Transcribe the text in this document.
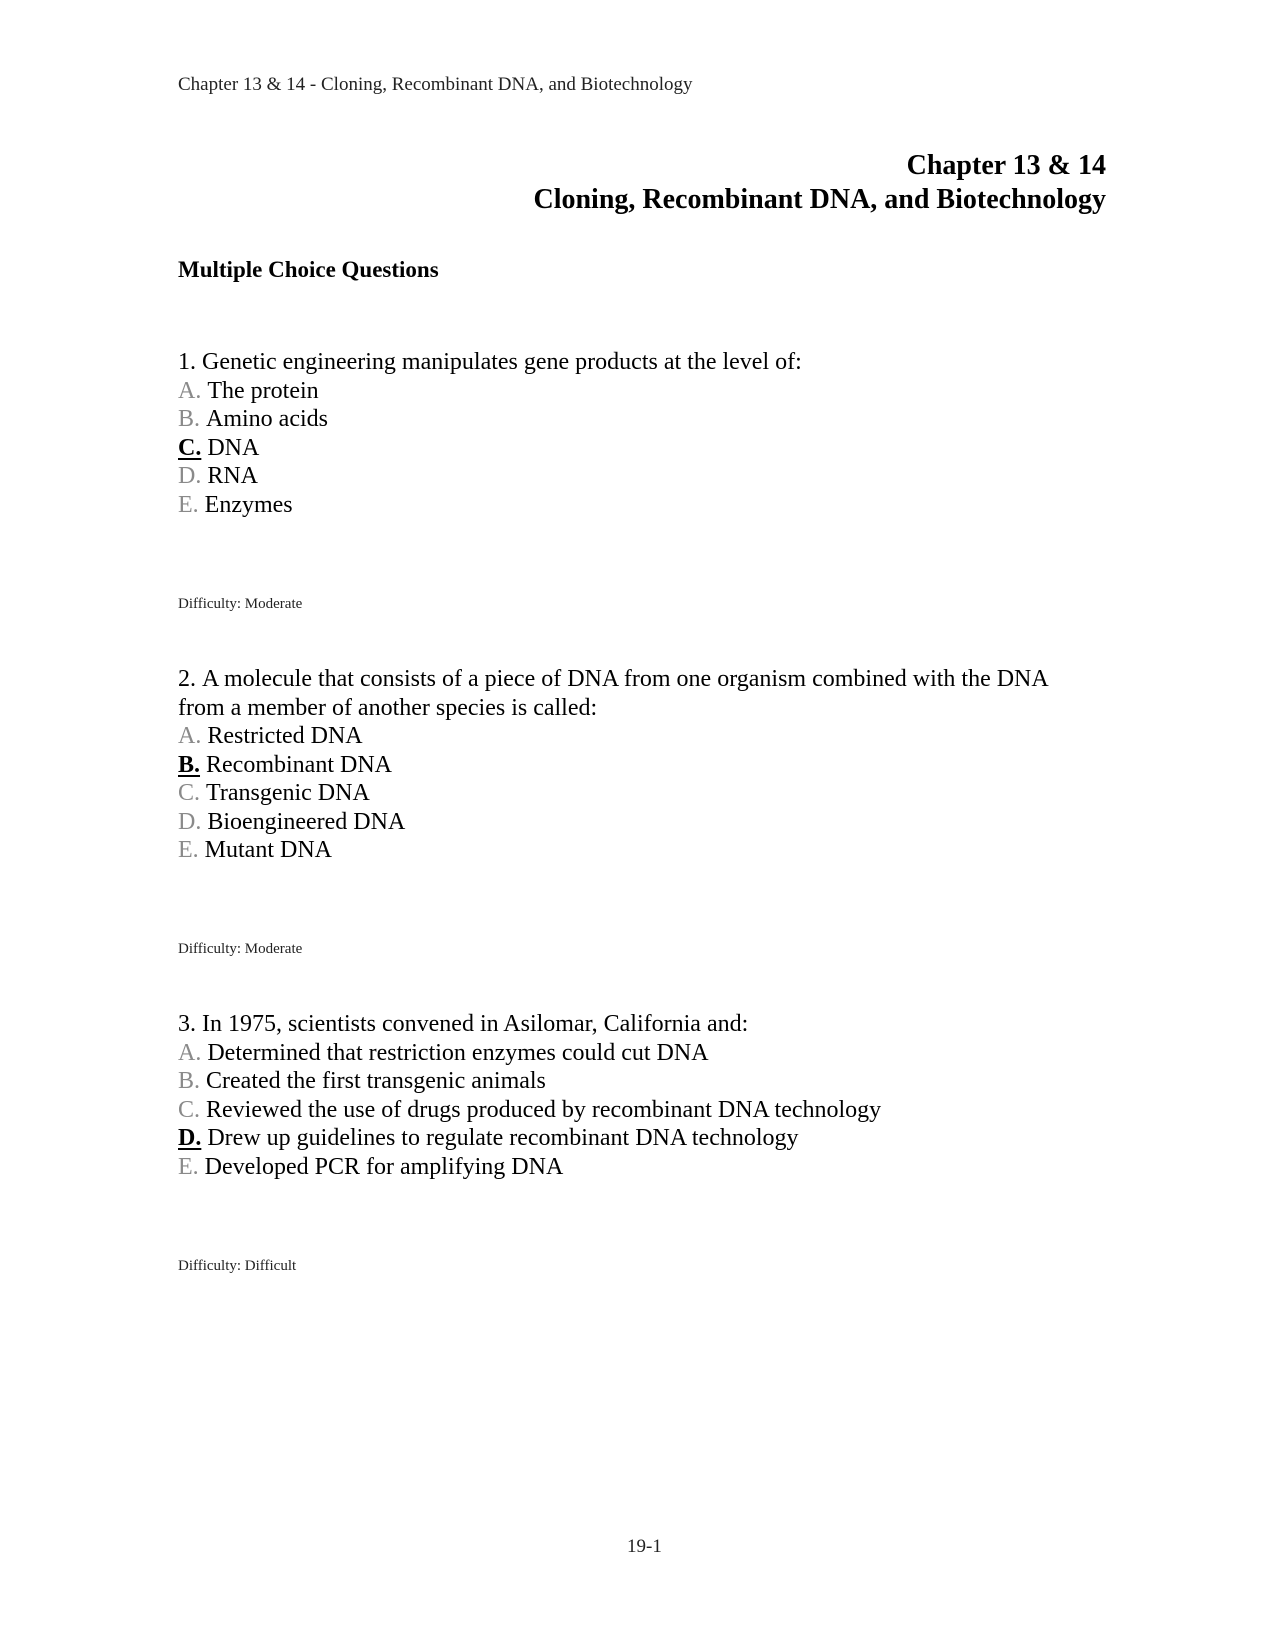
Chapter 13 & 14 - Cloning, Recombinant DNA, and Biotechnology
Chapter 13 & 14
Cloning, Recombinant DNA, and Biotechnology
Multiple Choice Questions
1. Genetic engineering manipulates gene products at the level of:
A. The protein
B. Amino acids
C. DNA
D. RNA
E. Enzymes
Difficulty: Moderate
2. A molecule that consists of a piece of DNA from one organism combined with the DNA
from a member of another species is called:
A. Restricted DNA
B. Recombinant DNA
C. Transgenic DNA
D. Bioengineered DNA
E. Mutant DNA
Difficulty: Moderate
3. In 1975, scientists convened in Asilomar, California and:
A. Determined that restriction enzymes could cut DNA
B. Created the first transgenic animals
C. Reviewed the use of drugs produced by recombinant DNA technology
D. Drew up guidelines to regulate recombinant DNA technology
E. Developed PCR for amplifying DNA
Difficulty: Difficult
19-1
